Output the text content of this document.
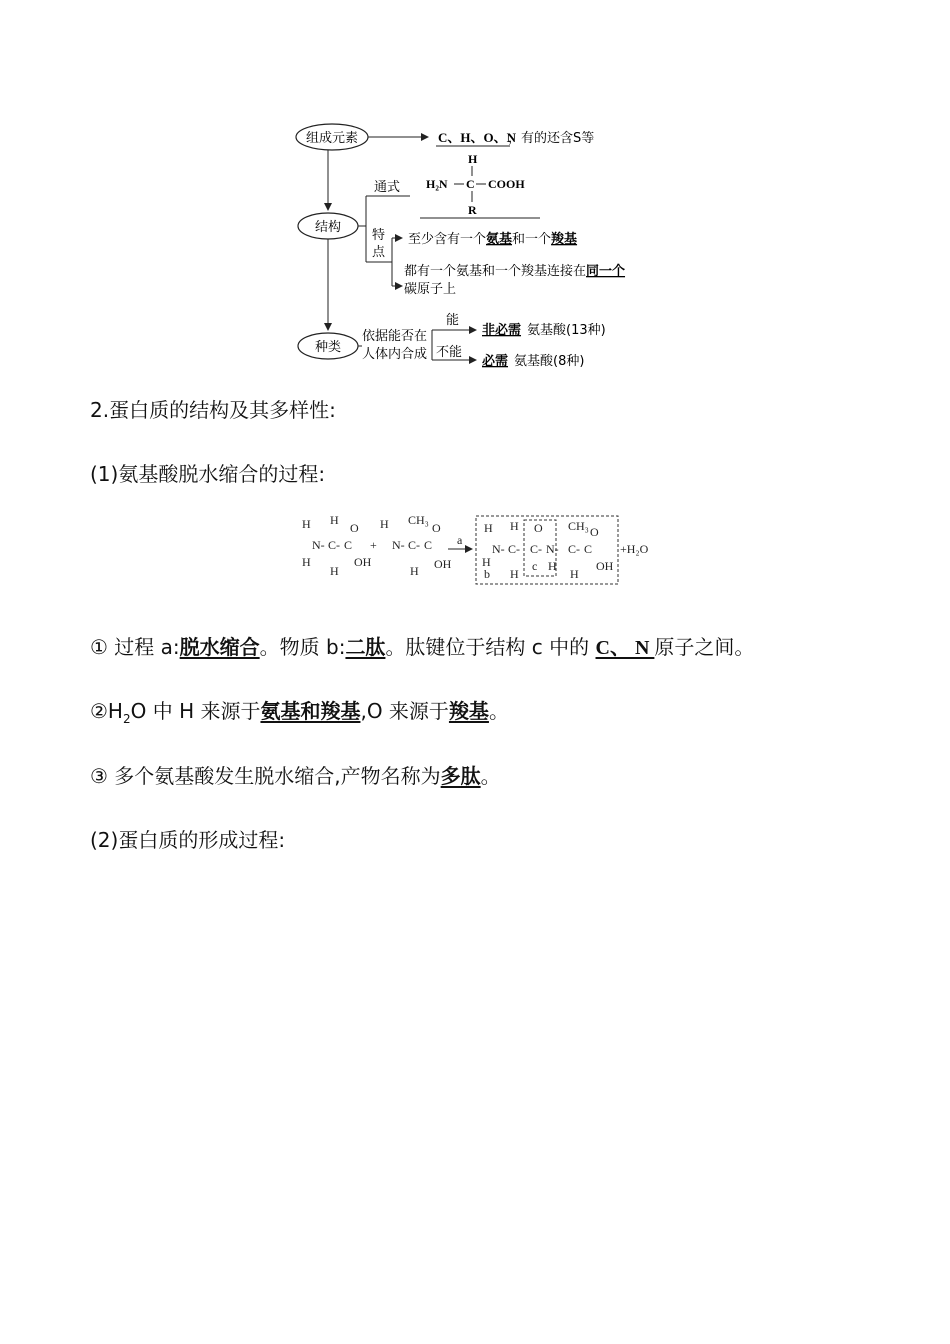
组成元素
结构
种类
C、H、O、N
，有的还含S等
通式
H
H₂N C COOH
R
特
点
至少含有一个氨基和一个羧基
都有一个氨基和一个羧基连接在同一个
碳原子上
依据能否在
人体内合成
能
不能
非必需 氨基酸(13种)
必需 氨基酸(8种)
2.蛋白质的结构及其多样性:
(1)氨基酸脱水缩合的过程:
H H
N- C- C
H
H
O
OH
+
H CH₃
N- C- C
H
O
OH
a
H H
N- C-
O
C- N-
CH₃
C- C
O
H
b H
c H
H
OH
+H₂O
① 过程 a:脱水缩合。物质 b:二肽。肽键位于结构 c 中的 C、 N 原子之间。
$②H_2O$ 中 H 来源于氨基和羧基,O 来源于羧基。
③ 多个氨基酸发生脱水缩合,产物名称为多肽。
(2)蛋白质的形成过程:
